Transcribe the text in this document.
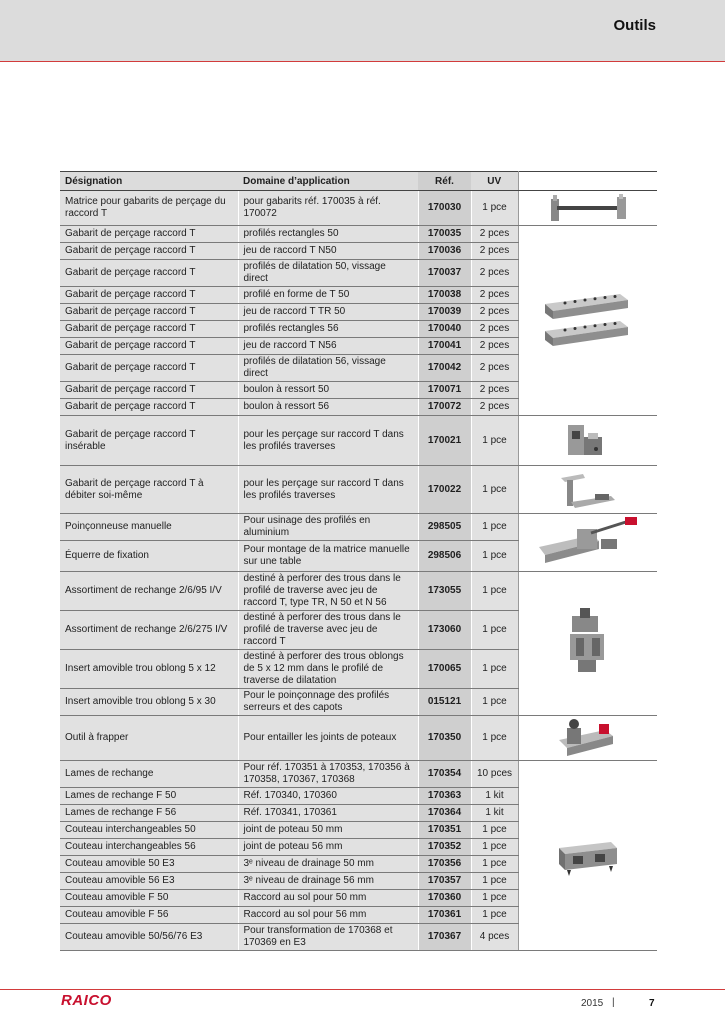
Outils
Désignation	Domaine d’application	Réf.	UV	
Matrice pour gabarits de perçage du raccord T	pour gabarits réf. 170035 à réf. 170072	170030	1 pce	

Gabarit de perçage raccord T	profilés rectangles 50	170035	2 pces	

Gabarit de perçage raccord T	jeu de raccord T N50	170036	2 pces	
Gabarit de perçage raccord T	profilés de dilatation 50, vissage direct	170037	2 pces	
Gabarit de perçage raccord T	profilé en forme de T 50	170038	2 pces	
Gabarit de perçage raccord T	jeu de raccord T TR 50	170039	2 pces	
Gabarit de perçage raccord T	profilés rectangles 56	170040	2 pces	
Gabarit de perçage raccord T	jeu de raccord T N56	170041	2 pces	
Gabarit de perçage raccord T	profilés de dilatation 56, vissage direct	170042	2 pces	
Gabarit de perçage raccord T	boulon à ressort 50	170071	2 pces	
Gabarit de perçage raccord T	boulon à ressort 56	170072	2 pces	
Gabarit de perçage raccord T insérable	pour les perçage sur raccord T dans les profilés traverses	170021	1 pce	

Gabarit de perçage raccord T à débiter soi-même	pour les perçage sur raccord T dans les profilés traverses	170022	1 pce	

Poinçonneuse manuelle	Pour usinage des profilés en aluminium	298505	1 pce	

Équerre de fixation	Pour montage de la matrice manuelle sur une table	298506	1 pce	
Assortiment de rechange 2/6/95 I/V	destiné à perforer des trous dans le profilé de traverse avec jeu de raccord T, type TR, N 50 et N 56	173055	1 pce	

Assortiment de rechange 2/6/275 I/V	destiné à perforer des trous dans le profilé de traverse avec jeu de raccord T	173060	1 pce	
Insert amovible trou oblong 5 x 12	destiné à perforer des trous oblongs de 5 x 12 mm dans le profilé de traverse de dilatation	170065	1 pce	
Insert amovible trou oblong 5 x 30	Pour le poinçonnage des profilés serreurs et des capots	015121	1 pce	
Outil à frapper	Pour entailler les joints de poteaux	170350	1 pce	

Lames de rechange	Pour réf. 170351 à 170353, 170356 à 170358, 170367, 170368	170354	10 pces	

Lames de rechange F 50	Réf. 170340, 170360	170363	1 kit	
Lames de rechange F 56	Réf. 170341, 170361	170364	1 kit	
Couteau interchangeables 50	joint de poteau 50 mm	170351	1 pce	
Couteau interchangeables 56	joint de poteau 56 mm	170352	1 pce	
Couteau amovible 50 E3	3ᵉ niveau de drainage 50 mm	170356	1 pce	
Couteau amovible 56 E3	3ᵉ niveau de drainage 56 mm	170357	1 pce	
Couteau amovible F 50	Raccord au sol pour 50 mm	170360	1 pce	
Couteau amovible F 56	Raccord au sol pour 56 mm	170361	1 pce	
Couteau amovible 50/56/76 E3	Pour transformation de 170368 et 170369 en E3	170367	4 pces	
RAICO	2015 |	7
